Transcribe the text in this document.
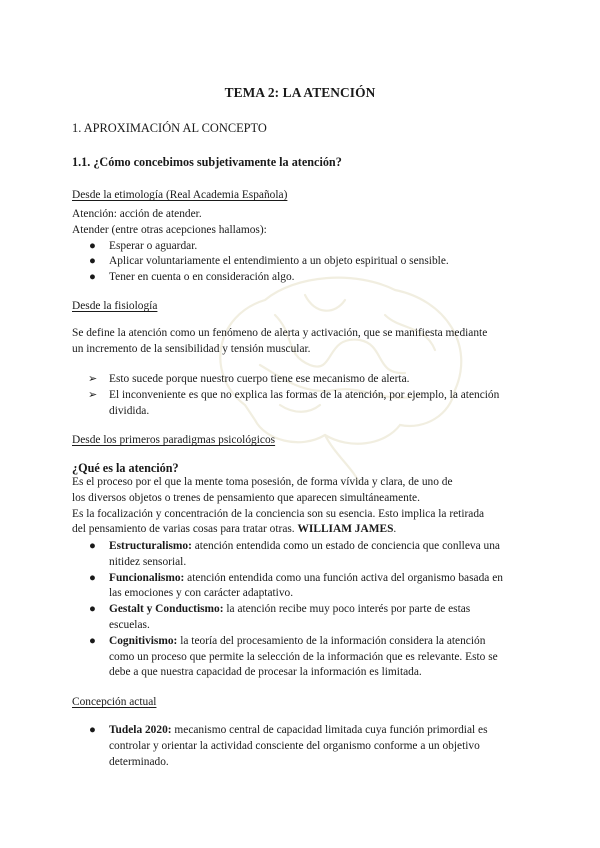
TEMA 2: LA ATENCIÓN
1. APROXIMACIÓN AL CONCEPTO
1.1. ¿Cómo concebimos subjetivamente la atención?
Desde la etimología (Real Academia Española)
Atención: acción de atender.
Atender (entre otras acepciones hallamos):
● Esperar o aguardar.
● Aplicar voluntariamente el entendimiento a un objeto espiritual o sensible.
● Tener en cuenta o en consideración algo.
Desde la fisiología
Se define la atención como un fenómeno de alerta y activación, que se manifiesta mediante
un incremento de la sensibilidad y tensión muscular.
➢ Esto sucede porque nuestro cuerpo tiene ese mecanismo de alerta.
➢ El inconveniente es que no explica las formas de la atención, por ejemplo, la atención
dividida.
Desde los primeros paradigmas psicológicos
¿Qué es la atención?
Es el proceso por el que la mente toma posesión, de forma vívida y clara, de uno de
los diversos objetos o trenes de pensamiento que aparecen simultáneamente.
Es la focalización y concentración de la conciencia son su esencia. Esto implica la retirada
del pensamiento de varias cosas para tratar otras. WILLIAM JAMES.
● Estructuralismo: atención entendida como un estado de conciencia que conlleva una
nitidez sensorial.
● Funcionalismo: atención entendida como una función activa del organismo basada en
las emociones y con carácter adaptativo.
● Gestalt y Conductismo: la atención recibe muy poco interés por parte de estas
escuelas.
● Cognitivismo: la teoría del procesamiento de la información considera la atención
como un proceso que permite la selección de la información que es relevante. Esto se
debe a que nuestra capacidad de procesar la información es limitada.
Concepción actual
● Tudela 2020: mecanismo central de capacidad limitada cuya función primordial es
controlar y orientar la actividad consciente del organismo conforme a un objetivo
determinado.
